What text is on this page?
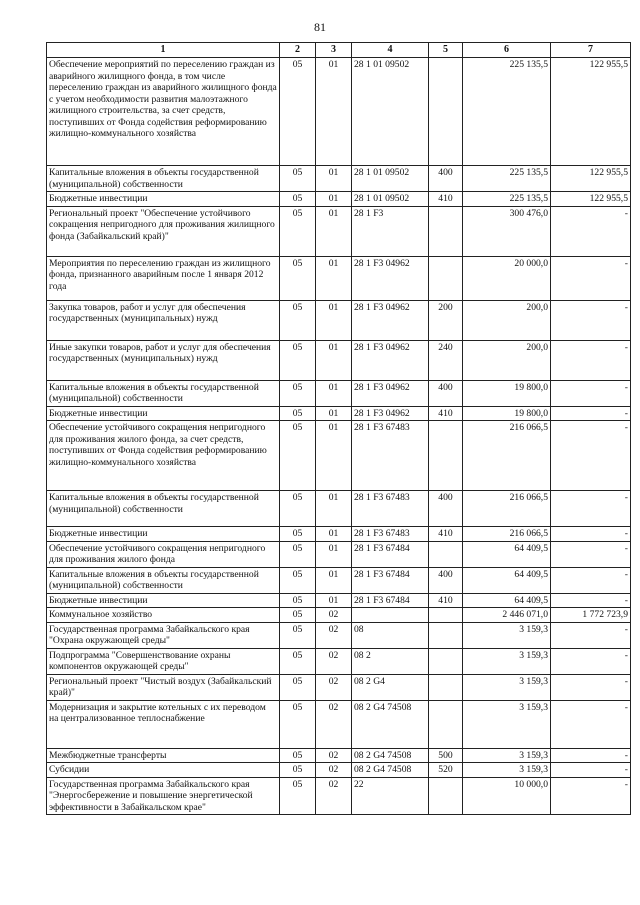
81
1	2	3	4	5	6	7
Обеспечение мероприятий по переселению граждан из аварийного жилищного фонда, в том числе переселению граждан из аварийного жилищного фонда с учетом необходимости развития малоэтажного жилищного строительства, за счет средств, поступивших от Фонда содействия реформированию жилищно-коммунального хозяйства	05	01	28 1 01 09502		225 135,5	122 955,5
Капитальные вложения в объекты государственной (муниципальной) собственности	05	01	28 1 01 09502	400	225 135,5	122 955,5
Бюджетные инвестиции	05	01	28 1 01 09502	410	225 135,5	122 955,5
Региональный проект "Обеспечение устойчивого сокращения непригодного для проживания жилищного фонда (Забайкальский край)"	05	01	28 1 F3		300 476,0	-
Мероприятия по переселению граждан из жилищного фонда, признанного аварийным после 1 января 2012 года	05	01	28 1 F3 04962		20 000,0	-
Закупка товаров, работ и услуг для обеспечения государственных (муниципальных) нужд	05	01	28 1 F3 04962	200	200,0	-
Иные закупки товаров, работ и услуг для обеспечения государственных (муниципальных) нужд	05	01	28 1 F3 04962	240	200,0	-
Капитальные вложения в объекты государственной (муниципальной) собственности	05	01	28 1 F3 04962	400	19 800,0	-
Бюджетные инвестиции	05	01	28 1 F3 04962	410	19 800,0	-
Обеспечение устойчивого сокращения непригодного для проживания жилого фонда, за счет средств, поступивших от Фонда содействия реформированию жилищно-коммунального хозяйства	05	01	28 1 F3 67483		216 066,5	-
Капитальные вложения в объекты государственной (муниципальной) собственности	05	01	28 1 F3 67483	400	216 066,5	-
Бюджетные инвестиции	05	01	28 1 F3 67483	410	216 066,5	-
Обеспечение устойчивого сокращения непригодного для проживания жилого фонда	05	01	28 1 F3 67484		64 409,5	-
Капитальные вложения в объекты государственной (муниципальной) собственности	05	01	28 1 F3 67484	400	64 409,5	-
Бюджетные инвестиции	05	01	28 1 F3 67484	410	64 409,5	-
Коммунальное хозяйство	05	02			2 446 071,0	1 772 723,9
Государственная программа Забайкальского края "Охрана окружающей среды"	05	02	08		3 159,3	-
Подпрограмма "Совершенствование охраны компонентов окружающей среды"	05	02	08 2		3 159,3	-
Региональный проект "Чистый воздух (Забайкальский край)"	05	02	08 2 G4		3 159,3	-
Модернизация и закрытие котельных с их переводом на централизованное теплоснабжение	05	02	08 2 G4 74508		3 159,3	-
Межбюджетные трансферты	05	02	08 2 G4 74508	500	3 159,3	-
Субсидии	05	02	08 2 G4 74508	520	3 159,3	-
Государственная программа Забайкальского края "Энергосбережение и повышение энергетической эффективности в Забайкальском крае"	05	02	22		10 000,0	-
